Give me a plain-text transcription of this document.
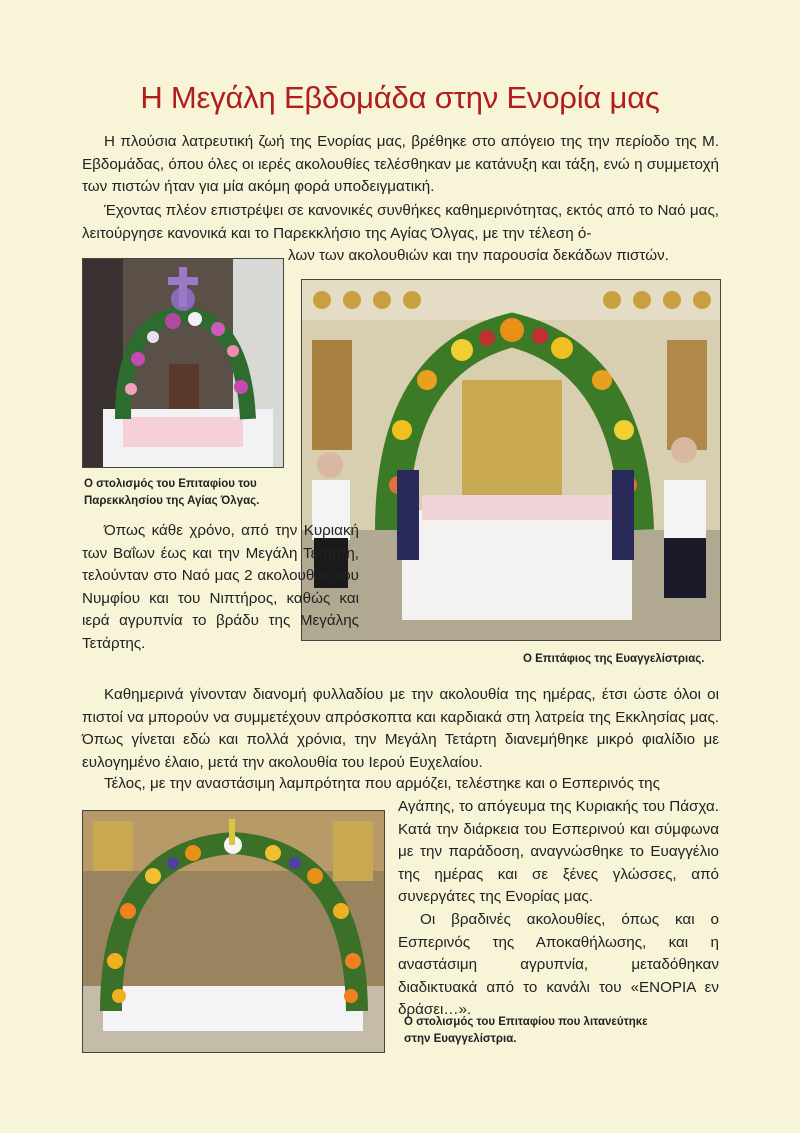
Η Μεγάλη Εβδομάδα στην Ενορία μας

Η πλούσια λατρευτική ζωή της Ενορίας μας, βρέθηκε στο απόγειο της την περίοδο της Μ. Εβδομάδας, όπου όλες οι ιερές ακολουθίες τελέσθηκαν με κατάνυξη και τάξη, ενώ η συμμετοχή των πιστών ήταν για μία ακόμη φορά υποδειγματική.

Έχοντας πλέον επιστρέψει σε κανονικές συνθήκες καθημερινότητας, εκτός από το Ναό μας, λειτούργησε κανονικά και το Παρεκκλήσιο της Αγίας Όλγας, με την τέλεση ό-

λων των ακολουθιών και την παρουσία δεκάδων πιστών.

Ο στολισμός του Επιταφίου του Παρεκκλησίου της Αγίας Όλγας.

Ο Επιτάφιος της Ευαγγελίστριας.

Όπως κάθε χρόνο, από την Κυριακή των Βαΐων έως και την Μεγάλη Τετάρτη, τελούνταν στο Ναό μας 2 ακολουθίες του Νυμφίου και του Νιπτήρος, καθώς και ιερά αγρυπνία το βράδυ της Μεγάλης Τετάρτης.

Καθημερινά γίνονταν διανομή φυλλαδίου με την ακολουθία της ημέρας, έτσι ώστε όλοι οι πιστοί να μπορούν να συμμετέχουν απρόσκοπτα και καρδιακά στη λατρεία της Εκκλησίας μας. Όπως γίνεται εδώ και πολλά χρόνια, την Μεγάλη Τετάρτη διανεμήθηκε μικρό φιαλίδιο με ευλογημένο έλαιο, μετά την ακολουθία του Ιερού Ευχελαίου.

Τέλος, με την αναστάσιμη λαμπρότητα που αρμόζει, τελέστηκε και ο Εσπερινός της

Αγάπης, το απόγευμα της Κυριακής του Πάσχα. Κατά την διάρκεια του Εσπερινού και σύμφωνα με την παράδοση, αναγνώσθηκε το Ευαγγέλιο της ημέρας και σε ξένες γλώσσες, από συνεργάτες της Ενορίας μας.

Οι βραδινές ακολουθίες, όπως και ο Εσπερινός της Αποκαθήλωσης, και η αναστάσιμη αγρυπνία, μεταδόθηκαν διαδικτυακά από το κανάλι του «ΕΝΟΡΙΑ εν δράσει…».

Ο στολισμός του Επιταφίου που λιτανεύτηκε στην Ευαγγελίστρια.
